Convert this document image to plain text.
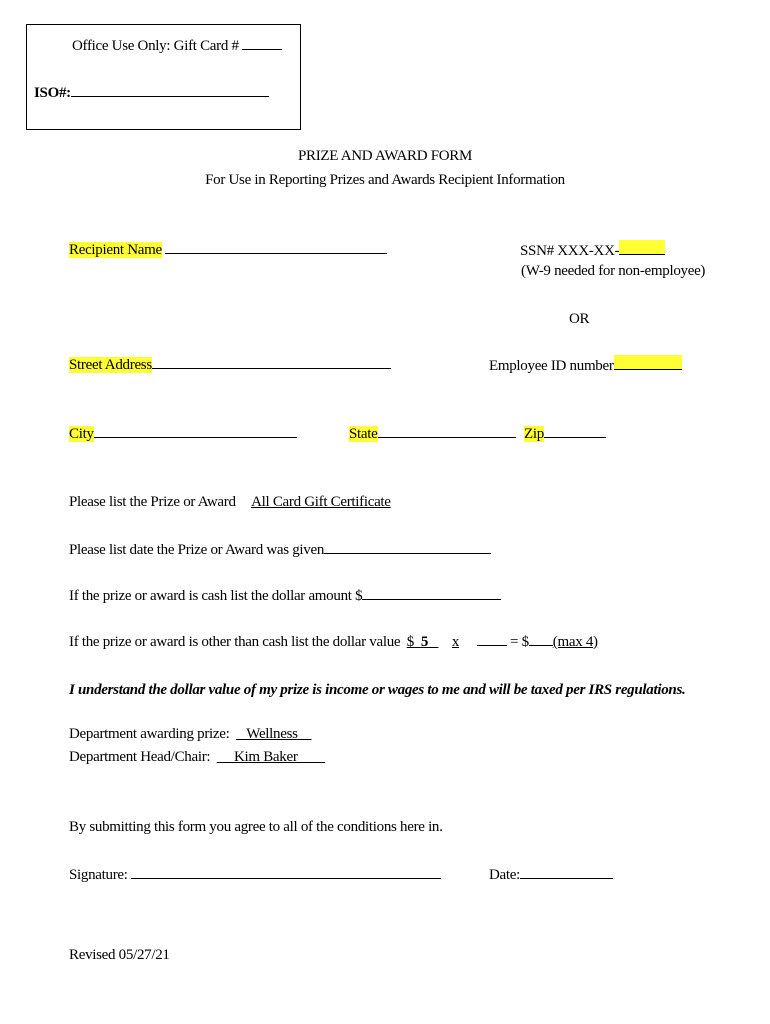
Office Use Only: Gift Card #
ISO#:
PRIZE AND AWARD FORM
For Use in Reporting Prizes and Awards Recipient Information
Recipient Name	SSN# XXX-XX-
(W-9 needed for non-employee)
OR
Street Address	Employee ID number
City	State	Zip
Please list the Prize or Award All Card Gift Certificate
Please list date the Prize or Award was given
If the prize or award is cash list the dollar amount $
If the prize or award is other than cash list the dollar value $ 5 x	= $ (max 4)
I understand the dollar value of my prize is income or wages to me and will be taxed per IRS regulations.
Department awarding prize: Wellness
Department Head/Chair: Kim Baker
By submitting this form you agree to all of the conditions here in.
Signature:	Date:
Revised 05/27/21
